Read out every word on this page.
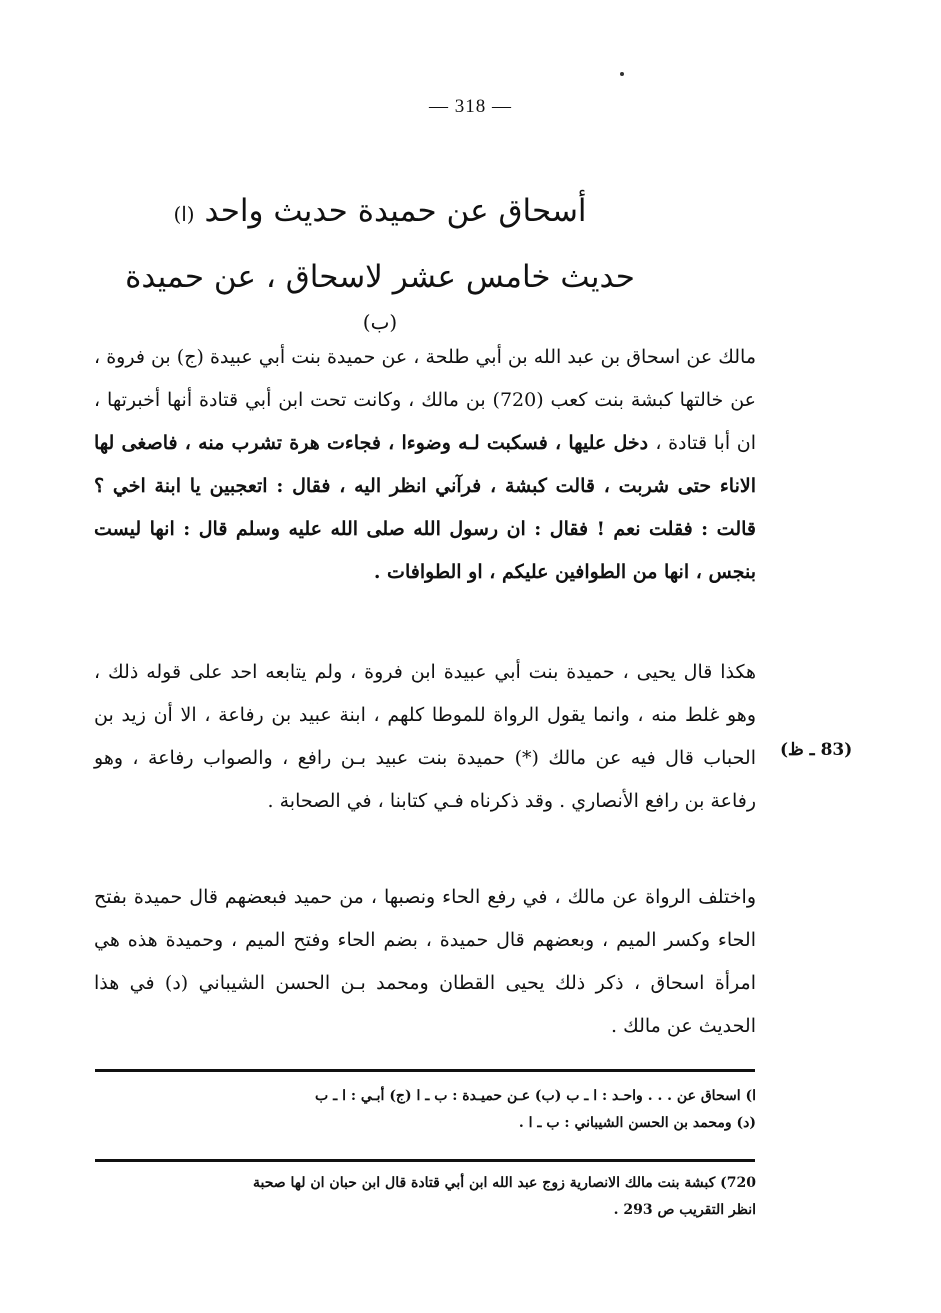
— 318 —
أسحاق عن حميدة حديث واحد (ا)
حديث خامس عشر لاسحاق ، عن حميدة (ب)

مالك عن اسحاق بن عبد الله بن أبي طلحة ، عن حميدة بنت أبي عبيدة (ج) بن فروة ، عن خالتها كبشة بنت كعب (720) بن مالك ، وكانت تحت ابن أبي قتادة أنها أخبرتها ، ان أبا قتادة ، دخل عليها ، فسكبت لـه وضوءا ، فجاءت هرة تشرب منه ، فاصغى لها الاناء حتى شربت ، قالت كبشة ، فرآني انظر اليه ، فقال : اتعجبين يا ابنة اخي ؟ قالت : فقلت نعم ! فقال : ان رسول الله صلى الله عليه وسلم قال : انها ليست بنجس ، انها من الطوافين عليكم ، او الطوافات .

هكذا قال يحيى ، حميدة بنت أبي عبيدة ابن فروة ، ولم يتابعه احد على قوله ذلك ، وهو غلط منه ، وانما يقول الرواة للموطا كلهم ، ابنة عبيد بن رفاعة ، الا أن زيد بن الحباب قال فيه عن مالك (*) حميدة بنت عبيد بـن رافع ، والصواب رفاعة ، وهو رفاعة بن رافع الأنصاري . وقد ذكرناه فـي كتابنا ، في الصحابة .

(83 ـ ظ)

واختلف الرواة عن مالك ، في رفع الحاء ونصبها ، من حميد فبعضهم قال حميدة بفتح الحاء وكسر الميم ، وبعضهم قال حميدة ، بضم الحاء وفتح الميم ، وحميدة هذه هي امرأة اسحاق ، ذكر ذلك يحيى القطان ومحمد بـن الحسن الشيباني (د) في هذا الحديث عن مالك .

ا) اسحاق عن . . . واحـد : ا ـ ب (ب) عـن حميـدة : ب ـ ا (ج) أبـي : ا ـ ب
(د) ومحمد بن الحسن الشيباني : ب ـ ا .
720) كبشة بنت مالك الانصارية زوج عبد الله ابن أبي قتادة قال ابن حبان ان لها صحبة
انظر التقريب ص 293 .
